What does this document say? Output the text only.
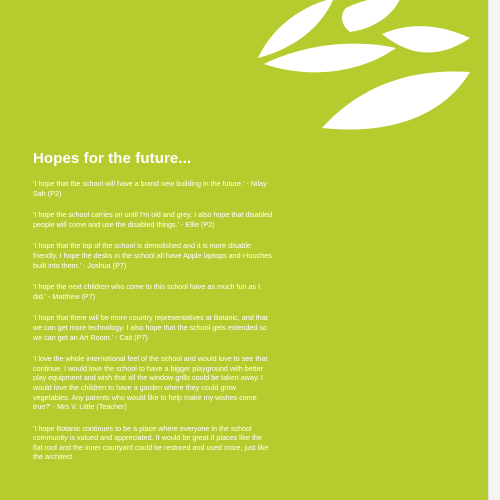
Hopes for the future...

'I hope that the school will have a brand new building in the future.' - Nilay Sah (P2)

'I hope the school carries on until I'm old and grey. I also hope that disabled people will come and use the disabled things.' - Ellie (P2)

'I hope that the top of the school is demolished and it is more disable friendly. I hope the desks in the school all have Apple laptops and i-touches built into them.' - Joshua (P7)

'I hope the next children who come to this school have as much fun as I did.' - Matthew (P7)

'I hope that there will be more country representatives at Botanic, and that we can get more technology. I also hope that the school gets extended so we can get an Art Room.' - Cait (P7)

'I love the whole international feel of the school and would love to see that continue. I would love the school to have a bigger playground with better play equipment and wish that all the window grills could be taken away. I would love the children to have a garden where they could grow vegetables. Any parents who would like to help make my wishes come true?' - Mrs V. Little (Teacher)

'I hope Botanic continues to be a place where everyone in the school community is valued and appreciated. It would be great if places like the flat roof and the inner courtyard could be restored and used more, just like the architect
